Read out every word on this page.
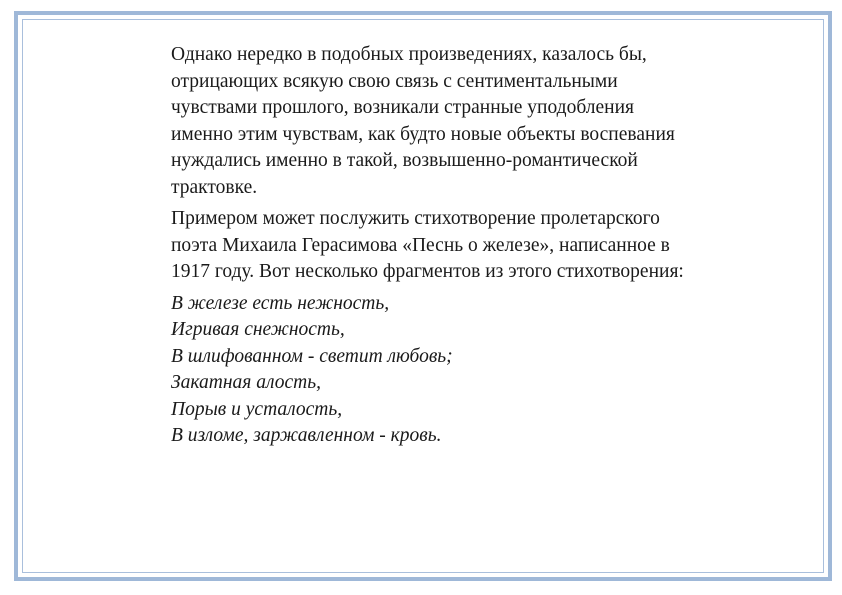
Однако нередко в подобных произведениях, казалось бы, отрицающих всякую свою связь с сентиментальными чувствами прошлого, возникали странные уподобления именно этим чувствам, как будто новые объекты воспевания нуждались именно в такой, возвышенно-романтической трактовке.

Примером может послужить стихотворение пролетарского поэта Михаила Герасимова «Песнь о железе», написанное в 1917 году. Вот несколько фрагментов из этого стихотворения:

В железе есть нежность,
Игривая снежность,
В шлифованном - светит любовь;
Закатная алость,
Порыв и усталость,
В изломе, заржавленном - кровь.
